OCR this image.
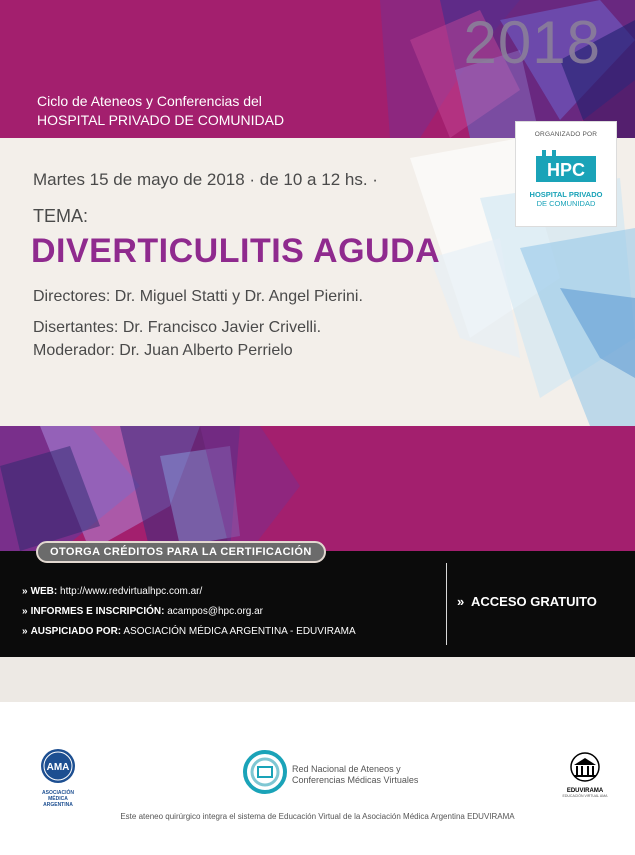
2018
Ciclo de Ateneos y Conferencias del
HOSPITAL PRIVADO DE COMUNIDAD
Martes 15 de mayo de 2018 · de 10 a 12 hs. ·
TEMA:
DIVERTICULITIS AGUDA
Directores: Dr. Miguel Statti y Dr. Angel Pierini.
Disertantes: Dr. Francisco Javier Crivelli.
Moderador: Dr. Juan Alberto Perrielo
ORGANIZADO POR
HPC
HOSPITAL PRIVADO
DE COMUNIDAD
OTORGA CRÉDITOS PARA LA CERTIFICACIÓN
» WEB: http://www.redvirtualhpc.com.ar/
» INFORMES E INSCRIPCIÓN: acampos@hpc.org.ar
» AUSPICIADO POR: ASOCIACIÓN MÉDICA ARGENTINA - EDUVIRAMA
» ACCESO GRATUITO
AMA
ASOCIACIÓN
MÉDICA
ARGENTINA
Red Nacional de Ateneos y
Conferencias Médicas Virtuales
EDUVIRAMA
EDUCACIÓN VIRTUAL AMA
Este ateneo quirúrgico integra el sistema de Educación Virtual de la Asociación Médica Argentina EDUVIRAMA
